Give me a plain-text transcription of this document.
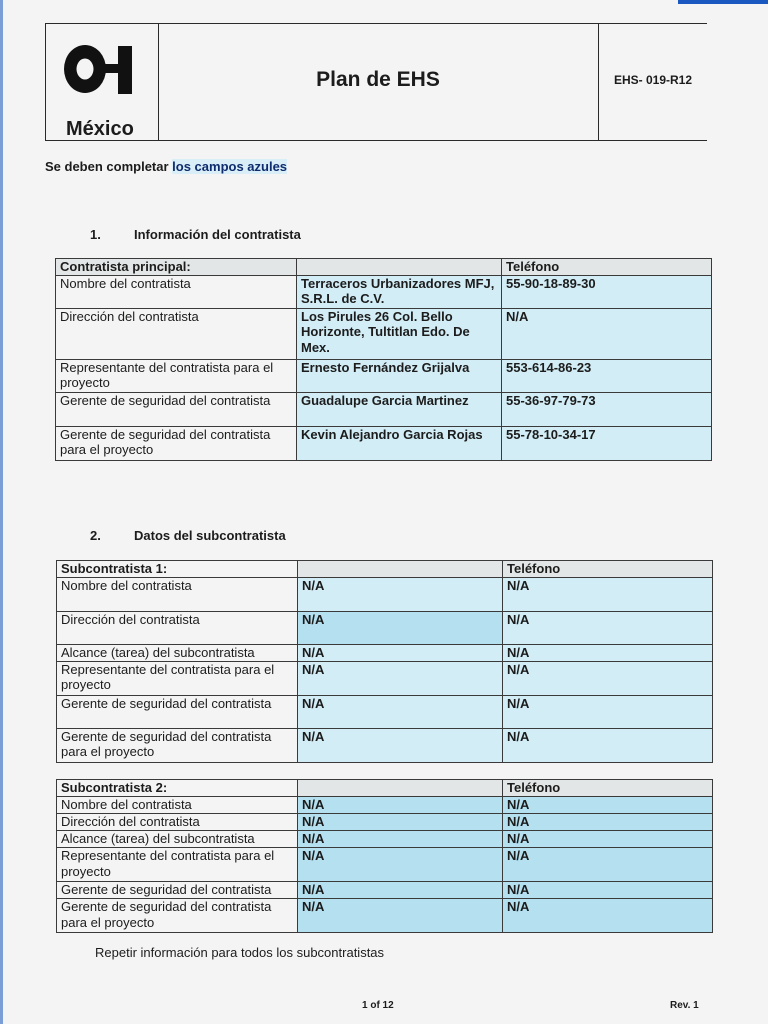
México
Plan de EHS	EHS- 019-R12
Se deben completar los campos azules
1.	Información del contratista
Contratista principal:		Teléfono
Nombre del contratista	Terraceros Urbanizadores MFJ, S.R.L. de C.V.	55-90-18-89-30
Dirección del contratista	Los Pirules 26 Col. Bello Horizonte, Tultitlan Edo. De Mex.	N/A
Representante del contratista para el proyecto	Ernesto Fernández Grijalva	553-614-86-23
Gerente de seguridad del contratista	Guadalupe Garcia Martinez	55-36-97-79-73
Gerente de seguridad del contratista para el proyecto	Kevin Alejandro Garcia Rojas	55-78-10-34-17
2.	Datos del subcontratista
Subcontratista 1:		Teléfono
Nombre del contratista	N/A	N/A
Dirección del contratista	N/A	N/A
Alcance (tarea) del subcontratista	N/A	N/A
Representante del contratista para el proyecto	N/A	N/A
Gerente de seguridad del contratista	N/A	N/A
Gerente de seguridad del contratista para el proyecto	N/A	N/A
Subcontratista 2:		Teléfono
Nombre del contratista	N/A	N/A
Dirección del contratista	N/A	N/A
Alcance (tarea) del subcontratista	N/A	N/A
Representante del contratista para el proyecto	N/A	N/A
Gerente de seguridad del contratista	N/A	N/A
Gerente de seguridad del contratista para el proyecto	N/A	N/A
Repetir información para todos los subcontratistas
1 of 12	Rev. 1
